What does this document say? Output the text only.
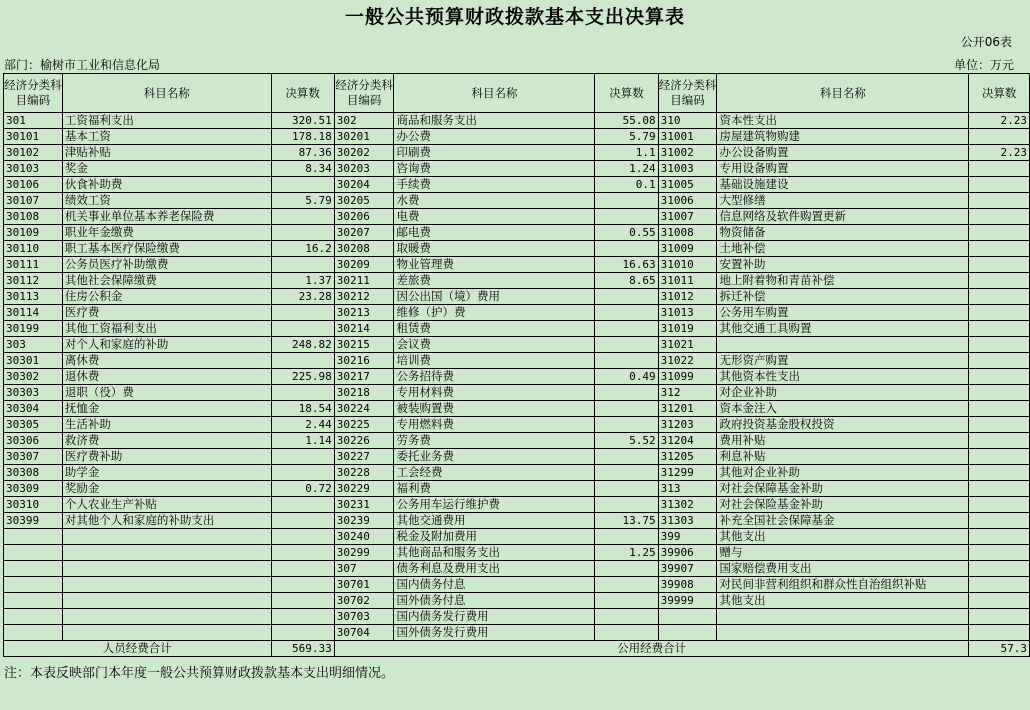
一般公共预算财政拨款基本支出决算表
公开06表
部门：榆树市工业和信息化局	单位：万元
经济分类科目编码	科目名称	决算数	经济分类科目编码	科目名称	决算数	经济分类科目编码	科目名称	决算数
301	工资福利支出	320.51	302	商品和服务支出	55.08	310	资本性支出	2.23
30101	基本工资	178.18	30201	办公费	5.79	31001	房屋建筑物购建	
30102	津贴补贴	87.36	30202	印刷费	1.1	31002	办公设备购置	2.23
30103	奖金	8.34	30203	咨询费	1.24	31003	专用设备购置	
30106	伙食补助费		30204	手续费	0.1	31005	基础设施建设	
30107	绩效工资	5.79	30205	水费		31006	大型修缮	
30108	机关事业单位基本养老保险费		30206	电费		31007	信息网络及软件购置更新	
30109	职业年金缴费		30207	邮电费	0.55	31008	物资储备	
30110	职工基本医疗保险缴费	16.2	30208	取暖费		31009	土地补偿	
30111	公务员医疗补助缴费		30209	物业管理费	16.63	31010	安置补助	
30112	其他社会保障缴费	1.37	30211	差旅费	8.65	31011	地上附着物和青苗补偿	
30113	住房公积金	23.28	30212	因公出国（境）费用		31012	拆迁补偿	
30114	医疗费		30213	维修（护）费		31013	公务用车购置	
30199	其他工资福利支出		30214	租赁费		31019	其他交通工具购置	
303	对个人和家庭的补助	248.82	30215	会议费		31021		
30301	离休费		30216	培训费		31022	无形资产购置	
30302	退休费	225.98	30217	公务招待费	0.49	31099	其他资本性支出	
30303	退职（役）费		30218	专用材料费		312	对企业补助	
30304	抚恤金	18.54	30224	被装购置费		31201	资本金注入	
30305	生活补助	2.44	30225	专用燃料费		31203	政府投资基金股权投资	
30306	救济费	1.14	30226	劳务费	5.52	31204	费用补贴	
30307	医疗费补助		30227	委托业务费		31205	利息补贴	
30308	助学金		30228	工会经费		31299	其他对企业补助	
30309	奖励金	0.72	30229	福利费		313	对社会保障基金补助	
30310	个人农业生产补贴		30231	公务用车运行维护费		31302	对社会保险基金补助	
30399	对其他个人和家庭的补助支出		30239	其他交通费用	13.75	31303	补充全国社会保障基金	
			30240	税金及附加费用		399	其他支出	
			30299	其他商品和服务支出	1.25	39906	赠与	
			307	债务利息及费用支出		39907	国家赔偿费用支出	
			30701	国内债务付息		39908	对民间非营利组织和群众性自治组织补贴	
			30702	国外债务付息		39999	其他支出	
			30703	国内债务发行费用				
			30704	国外债务发行费用				
人员经费合计		569.33	公用经费合计					57.3
注：本表反映部门本年度一般公共预算财政拨款基本支出明细情况。
